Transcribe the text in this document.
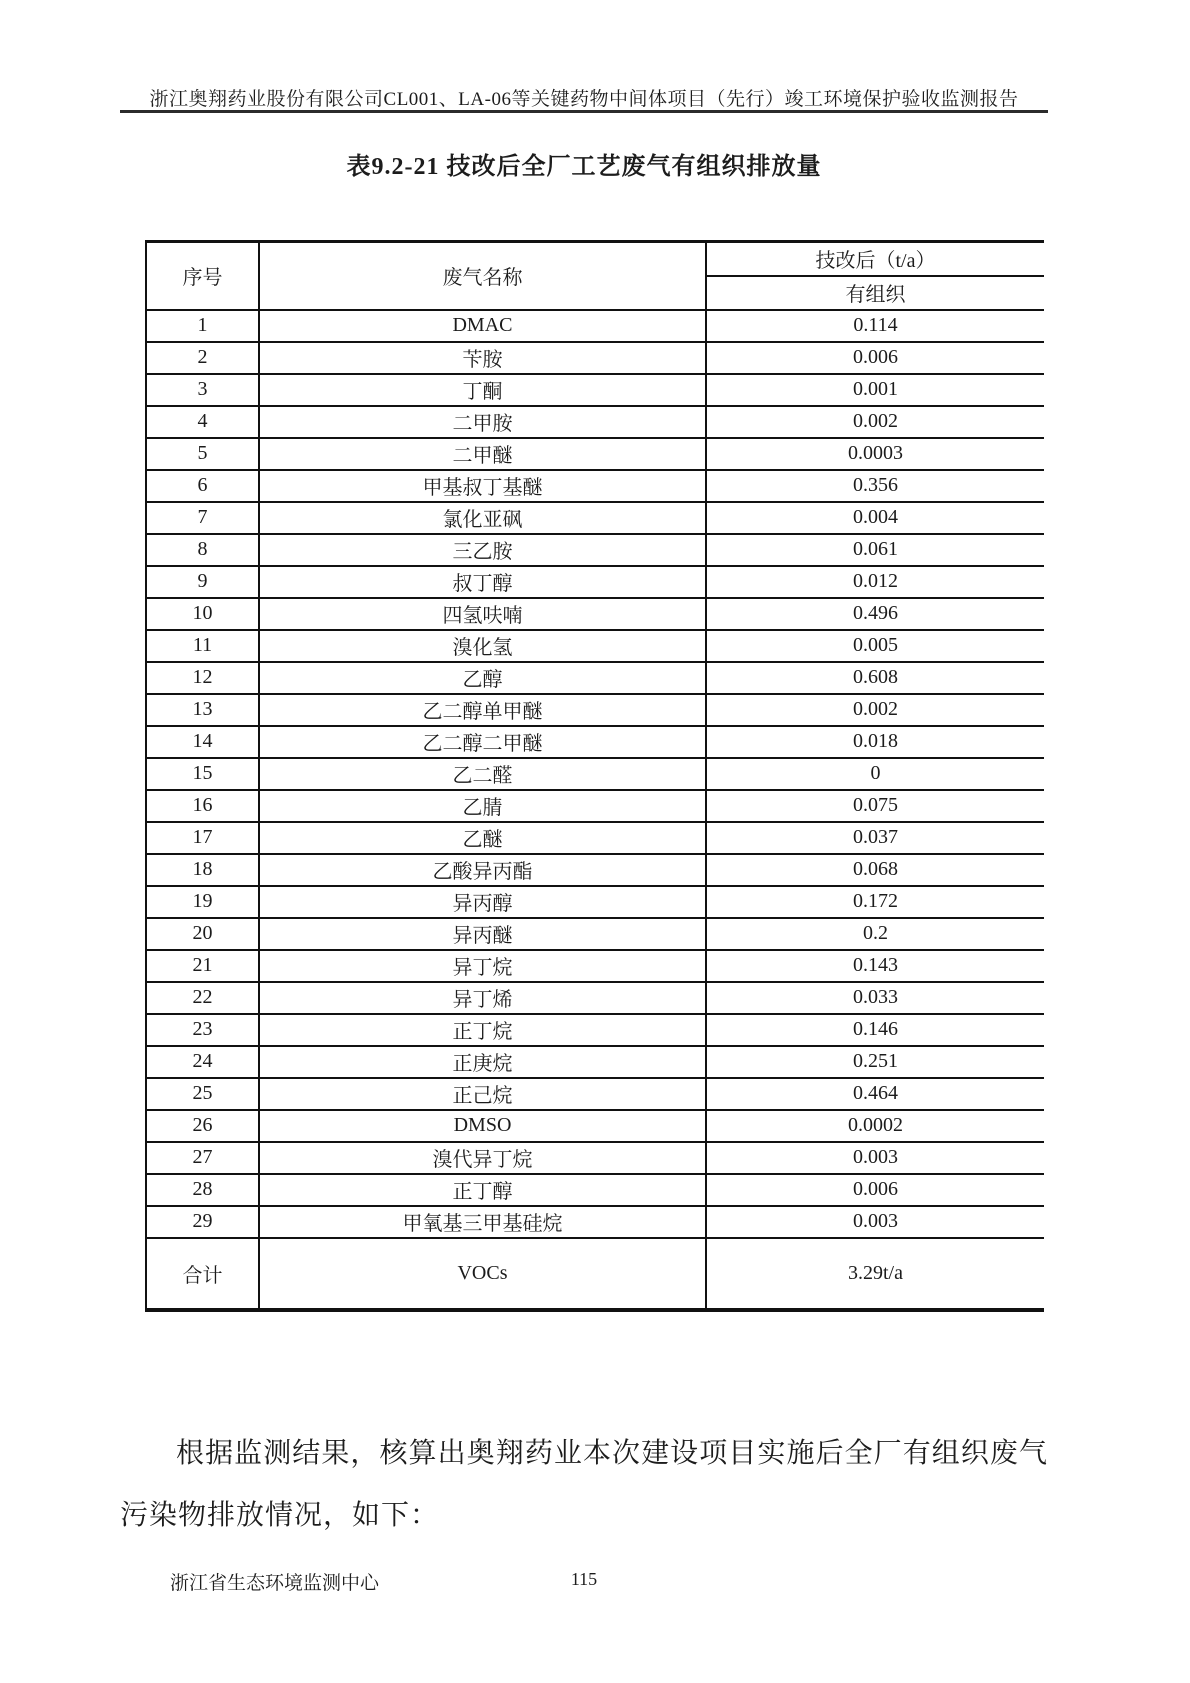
浙江奥翔药业股份有限公司CL001、LA-06等关键药物中间体项目（先行）竣工环境保护验收监测报告
表9.2-21 技改后全厂工艺废气有组织排放量
序号	废气名称	技改后（t/a）
		有组织
1	DMAC	0.114
2	苄胺	0.006
3	丁酮	0.001
4	二甲胺	0.002
5	二甲醚	0.0003
6	甲基叔丁基醚	0.356
7	氯化亚砜	0.004
8	三乙胺	0.061
9	叔丁醇	0.012
10	四氢呋喃	0.496
11	溴化氢	0.005
12	乙醇	0.608
13	乙二醇单甲醚	0.002
14	乙二醇二甲醚	0.018
15	乙二醛	0
16	乙腈	0.075
17	乙醚	0.037
18	乙酸异丙酯	0.068
19	异丙醇	0.172
20	异丙醚	0.2
21	异丁烷	0.143
22	异丁烯	0.033
23	正丁烷	0.146
24	正庚烷	0.251
25	正己烷	0.464
26	DMSO	0.0002
27	溴代异丁烷	0.003
28	正丁醇	0.006
29	甲氧基三甲基硅烷	0.003
合计	VOCs	3.29t/a

根据监测结果，核算出奥翔药业本次建设项目实施后全厂有组织废气污染物排放情况，如下：

浙江省生态环境监测中心	115
